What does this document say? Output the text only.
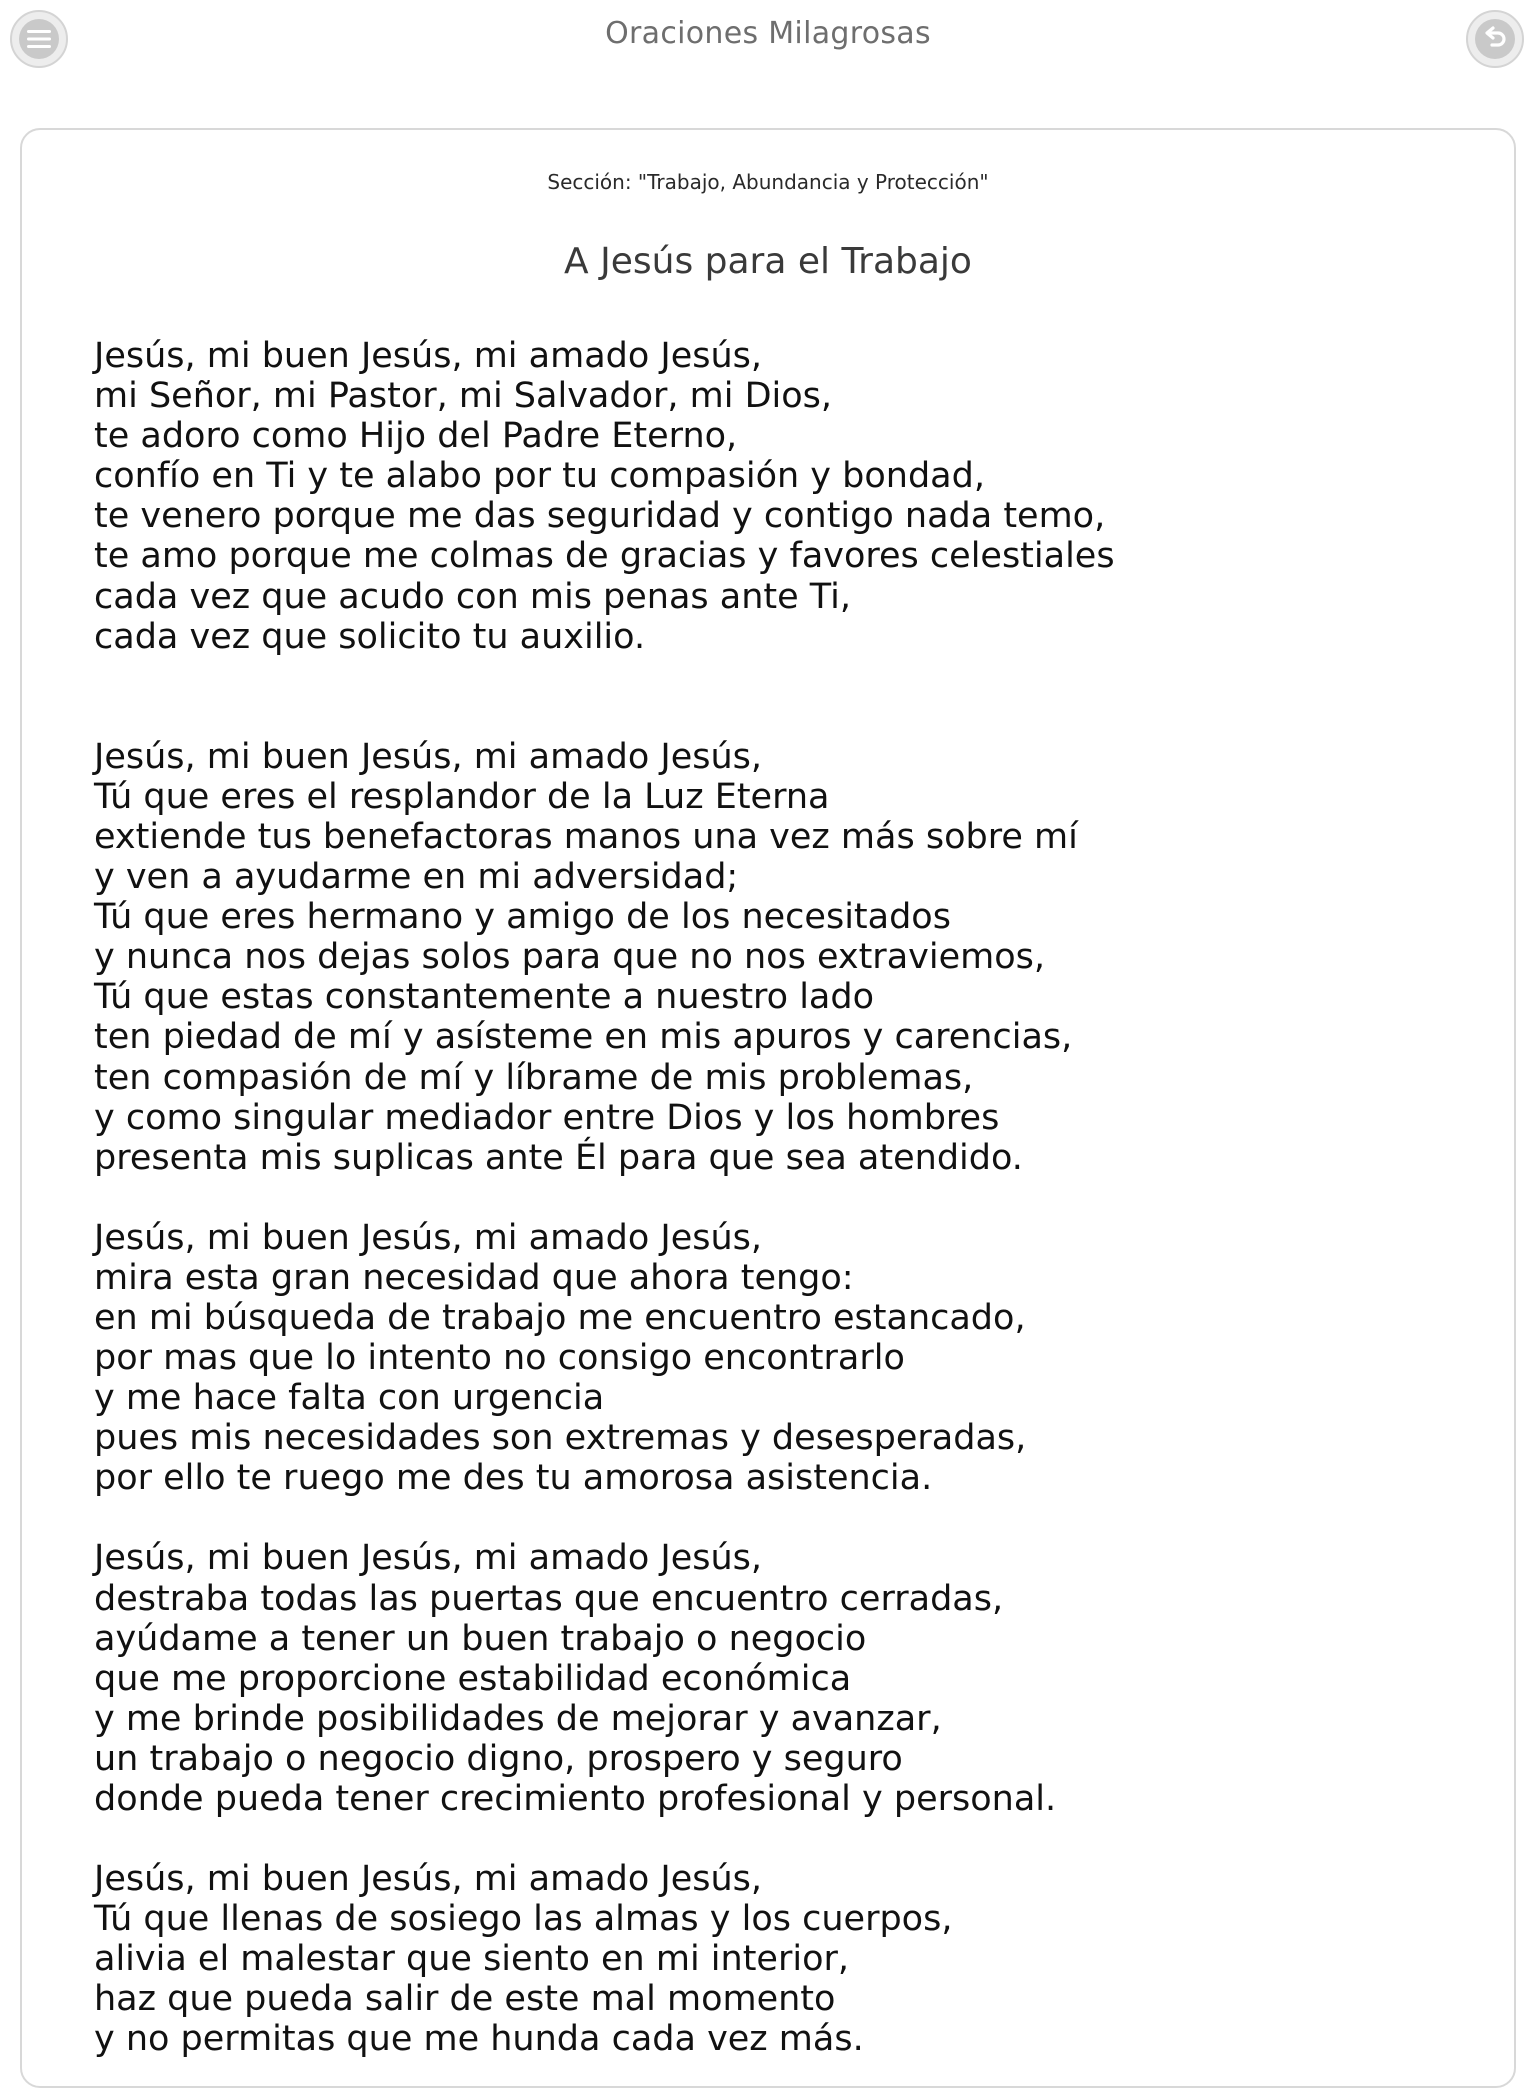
Oraciones Milagrosas
Sección: "Trabajo, Abundancia y Protección"
A Jesús para el Trabajo
Jesús, mi buen Jesús, mi amado Jesús,
mi Señor, mi Pastor, mi Salvador, mi Dios,
te adoro como Hijo del Padre Eterno,
confío en Ti y te alabo por tu compasión y bondad,
te venero porque me das seguridad y contigo nada temo,
te amo porque me colmas de gracias y favores celestiales
cada vez que acudo con mis penas ante Ti,
cada vez que solicito tu auxilio.
Jesús, mi buen Jesús, mi amado Jesús,
Tú que eres el resplandor de la Luz Eterna
extiende tus benefactoras manos una vez más sobre mí
y ven a ayudarme en mi adversidad;
Tú que eres hermano y amigo de los necesitados
y nunca nos dejas solos para que no nos extraviemos,
Tú que estas constantemente a nuestro lado
ten piedad de mí y asísteme en mis apuros y carencias,
ten compasión de mí y líbrame de mis problemas,
y como singular mediador entre Dios y los hombres
presenta mis suplicas ante Él para que sea atendido.
Jesús, mi buen Jesús, mi amado Jesús,
mira esta gran necesidad que ahora tengo:
en mi búsqueda de trabajo me encuentro estancado,
por mas que lo intento no consigo encontrarlo
y me hace falta con urgencia
pues mis necesidades son extremas y desesperadas,
por ello te ruego me des tu amorosa asistencia.
Jesús, mi buen Jesús, mi amado Jesús,
destraba todas las puertas que encuentro cerradas,
ayúdame a tener un buen trabajo o negocio
que me proporcione estabilidad económica
y me brinde posibilidades de mejorar y avanzar,
un trabajo o negocio digno, prospero y seguro
donde pueda tener crecimiento profesional y personal.
Jesús, mi buen Jesús, mi amado Jesús,
Tú que llenas de sosiego las almas y los cuerpos,
alivia el malestar que siento en mi interior,
haz que pueda salir de este mal momento
y no permitas que me hunda cada vez más.
